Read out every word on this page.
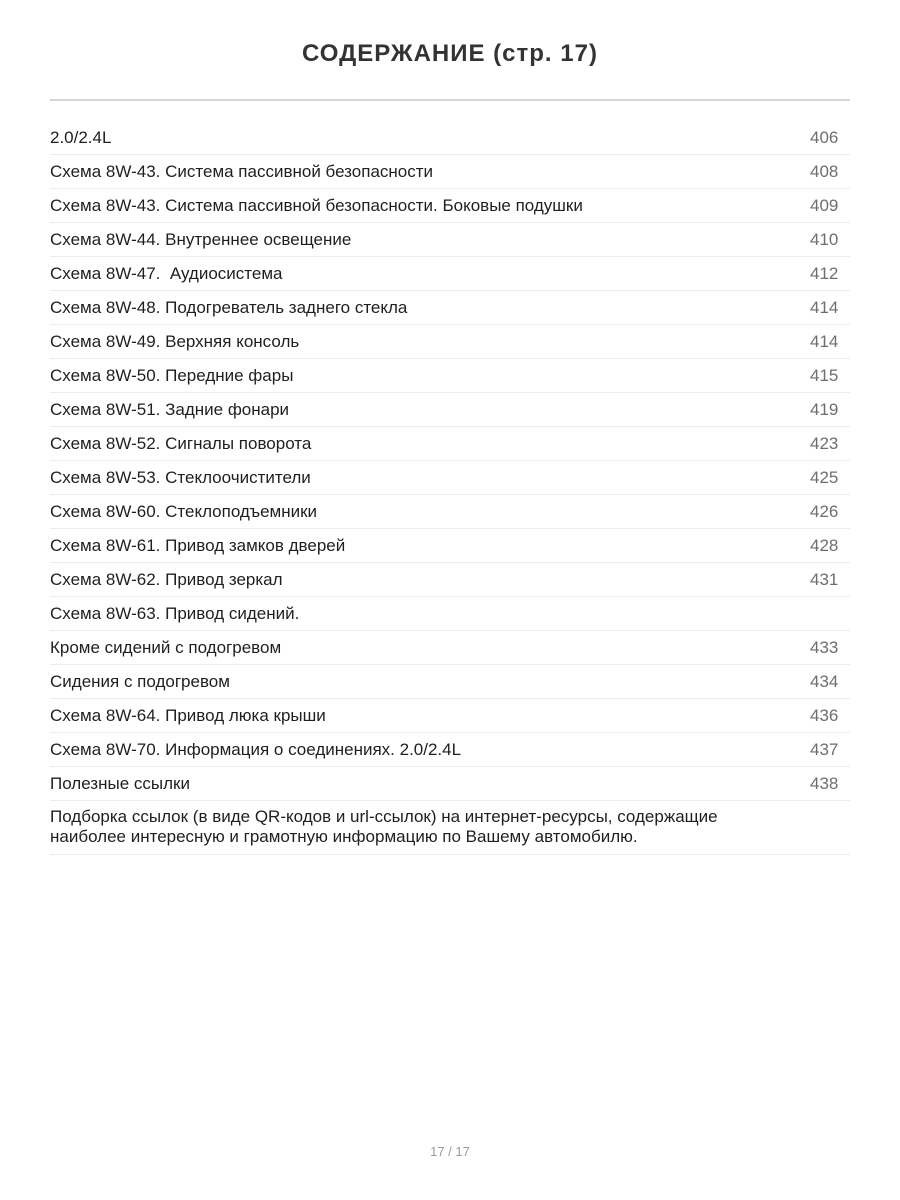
СОДЕРЖАНИЕ (стр. 17)
2.0/2.4L	406
Схема 8W-43. Система пассивной безопасности	408
Схема 8W-43. Система пассивной безопасности. Боковые подушки	409
Схема 8W-44. Внутреннее освещение	410
Схема 8W-47.  Аудиосистема	412
Схема 8W-48. Подогреватель заднего стекла	414
Схема 8W-49. Верхняя консоль	414
Схема 8W-50. Передние фары	415
Схема 8W-51. Задние фонари	419
Схема 8W-52. Сигналы поворота	423
Схема 8W-53. Стеклоочистители	425
Схема 8W-60. Стеклоподъемники	426
Схема 8W-61. Привод замков дверей	428
Схема 8W-62. Привод зеркал	431
Схема 8W-63. Привод сидений.
Кроме сидений с подогревом	433
Сидения с подогревом	434
Схема 8W-64. Привод люка крыши	436
Схема 8W-70. Информация о соединениях. 2.0/2.4L	437
Полезные ссылки	438
Подборка ссылок (в виде QR-кодов и url-ссылок) на интернет-ресурсы, содержащие наиболее интересную и грамотную информацию по Вашему автомобилю.
17 / 17
